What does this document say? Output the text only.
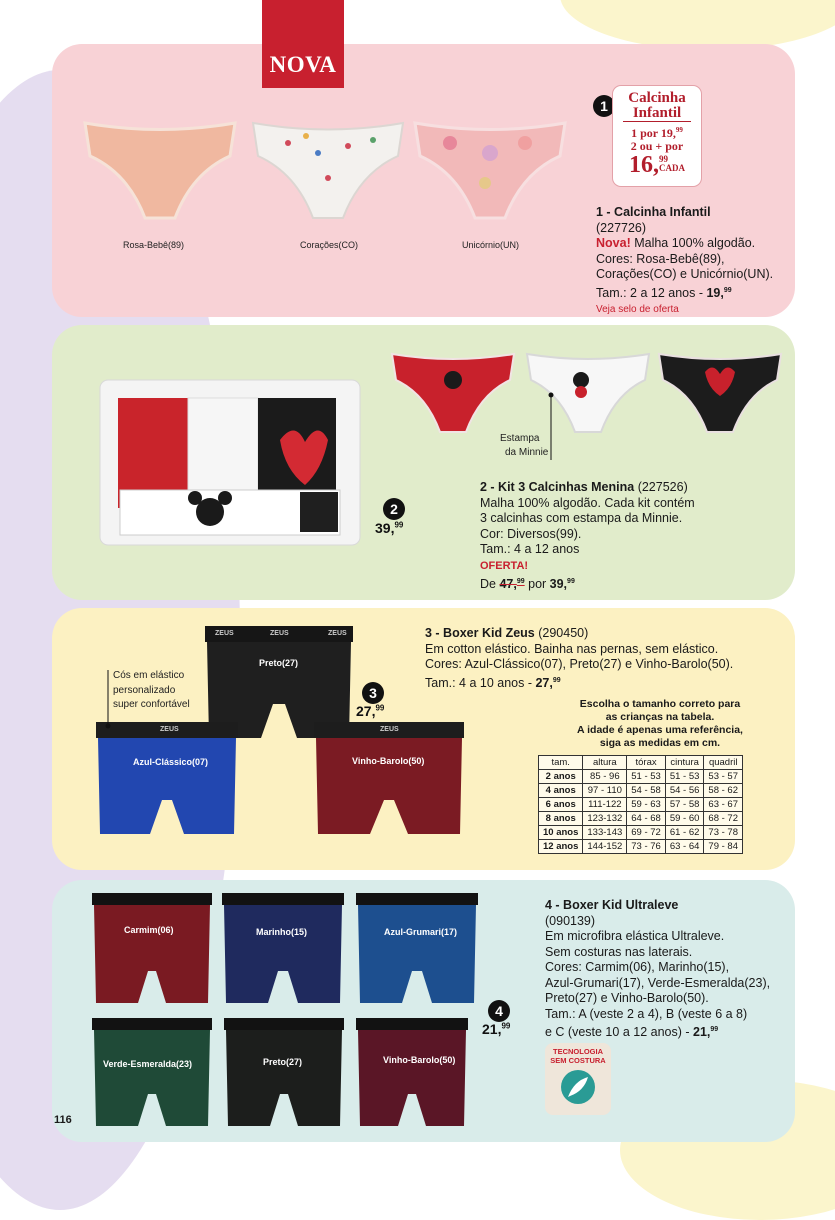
NOVA
Rosa-Bebê(89)	Corações(CO)	Unicórnio(UN)
1	Calcinha
Infantil
1 por 19,99
2 ou + por
16,99
CADA
1 - Calcinha Infantil
(227726)
Nova! Malha 100% algodão.
Cores: Rosa-Bebê(89),
Corações(CO) e Unicórnio(UN).
Tam.: 2 a 12 anos - 19,99
Veja selo de oferta
2
39,99
Estampa
da Minnie
2 - Kit 3 Calcinhas Menina (227526)
Malha 100% algodão. Cada kit contém
3 calcinhas com estampa da Minnie.
Cor: Diversos(99).
Tam.: 4 a 12 anos
OFERTA!
De 47,99 por 39,99
ZEUS	ZEUS	ZEUS
ZEUS	ZEUS
Preto(27)
Azul-Clássico(07)	Vinho-Barolo(50)
Cós em elástico
personalizado
super confortável
3
27,99
3 - Boxer Kid Zeus (290450)
Em cotton elástico. Bainha nas pernas, sem elástico.
Cores: Azul-Clássico(07), Preto(27) e Vinho-Barolo(50).
Tam.: 4 a 10 anos - 27,99
Escolha o tamanho correto para
as crianças na tabela.
A idade é apenas uma referência,
siga as medidas em cm.
tam.	altura	tórax	cintura	quadril
2 anos	85 - 96	51 - 53	51 - 53	53 - 57
4 anos	97 - 110	54 - 58	54 - 56	58 - 62
6 anos	111-122	59 - 63	57 - 58	63 - 67
8 anos	123-132	64 - 68	59 - 60	68 - 72
10 anos	133-143	69 - 72	61 - 62	73 - 78
12 anos	144-152	73 - 76	63 - 64	79 - 84
Carmim(06)	Marinho(15)	Azul-Grumari(17)
Verde-Esmeralda(23)	Preto(27)	Vinho-Barolo(50)
4
21,99
4 - Boxer Kid Ultraleve
(090139)
Em microfibra elástica Ultraleve.
Sem costuras nas laterais.
Cores: Carmim(06), Marinho(15),
Azul-Grumari(17), Verde-Esmeralda(23),
Preto(27) e Vinho-Barolo(50).
Tam.: A (veste 2 a 4), B (veste 6 a 8)
e C (veste 10 a 12 anos) - 21,99
TECNOLOGIA
SEM COSTURA
116
